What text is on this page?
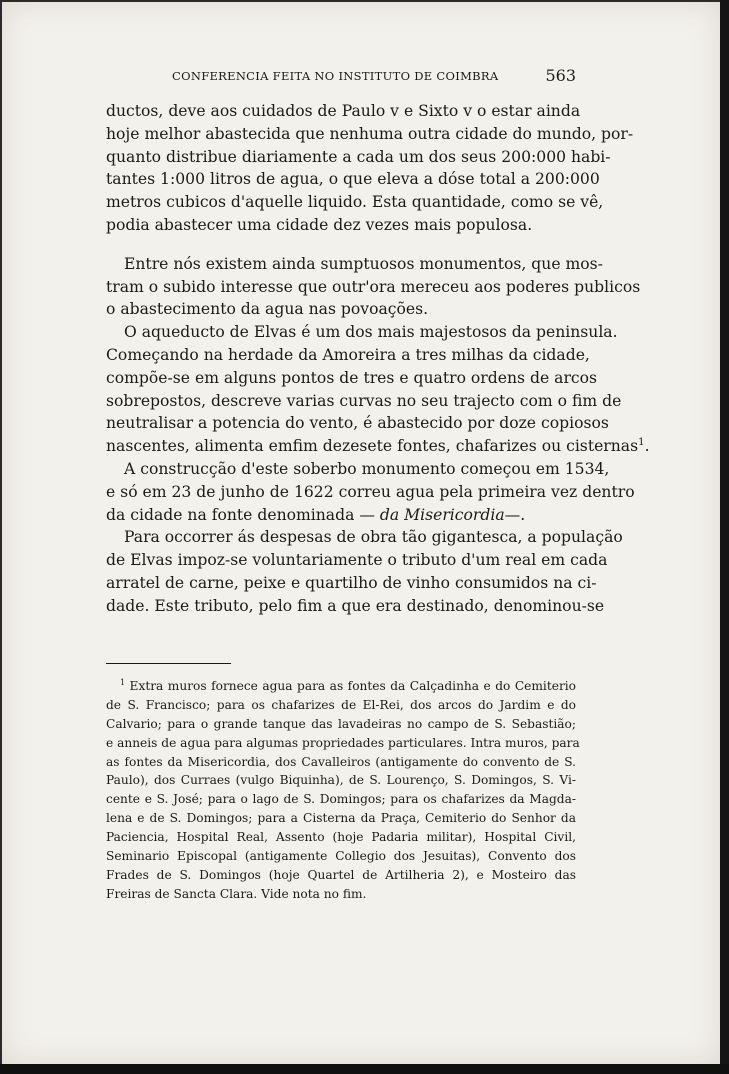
CONFERENCIA FEITA NO INSTITUTO DE COIMBRA	563
ductos, deve aos cuidados de Paulo v e Sixto v o estar ainda
hoje melhor abastecida que nenhuma outra cidade do mundo, por-
quanto distribue diariamente a cada um dos seus 200:000 habi-
tantes 1:000 litros de agua, o que eleva a dóse total a 200:000
metros cubicos d'aquelle liquido. Esta quantidade, como se vê,
podia abastecer uma cidade dez vezes mais populosa.
Entre nós existem ainda sumptuosos monumentos, que mos-
tram o subido interesse que outr'ora mereceu aos poderes publicos
o abastecimento da agua nas povoações.
O aqueducto de Elvas é um dos mais majestosos da peninsula.
Começando na herdade da Amoreira a tres milhas da cidade,
compõe-se em alguns pontos de tres e quatro ordens de arcos
sobrepostos, descreve varias curvas no seu trajecto com o fim de
neutralisar a potencia do vento, é abastecido por doze copiosos
nascentes, alimenta emfim dezesete fontes, chafarizes ou cisternas$^1$.
A construcção d'este soberbo monumento começou em 1534,
e só em 23 de junho de 1622 correu agua pela primeira vez dentro
da cidade na fonte denominada — da Misericordia—.
Para occorrer ás despesas de obra tão gigantesca, a população
de Elvas impoz-se voluntariamente o tributo d'um real em cada
arratel de carne, peixe e quartilho de vinho consumidos na ci-
dade. Este tributo, pelo fim a que era destinado, denominou-se
$^1$ Extra muros fornece agua para as fontes da Calçadinha e do Cemiterio
de S. Francisco; para os chafarizes de El-Rei, dos arcos do Jardim e do
Calvario; para o grande tanque das lavadeiras no campo de S. Sebastião;
e anneis de agua para algumas propriedades particulares. Intra muros, para
as fontes da Misericordia, dos Cavalleiros (antigamente do convento de S.
Paulo), dos Curraes (vulgo Biquinha), de S. Lourenço, S. Domingos, S. Vi-
cente e S. José; para o lago de S. Domingos; para os chafarizes da Magda-
lena e de S. Domingos; para a Cisterna da Praça, Cemiterio do Senhor da
Paciencia, Hospital Real, Assento (hoje Padaria militar), Hospital Civil,
Seminario Episcopal (antigamente Collegio dos Jesuitas), Convento dos
Frades de S. Domingos (hoje Quartel de Artilheria 2), e Mosteiro das
Freiras de Sancta Clara. Vide nota no fim.
